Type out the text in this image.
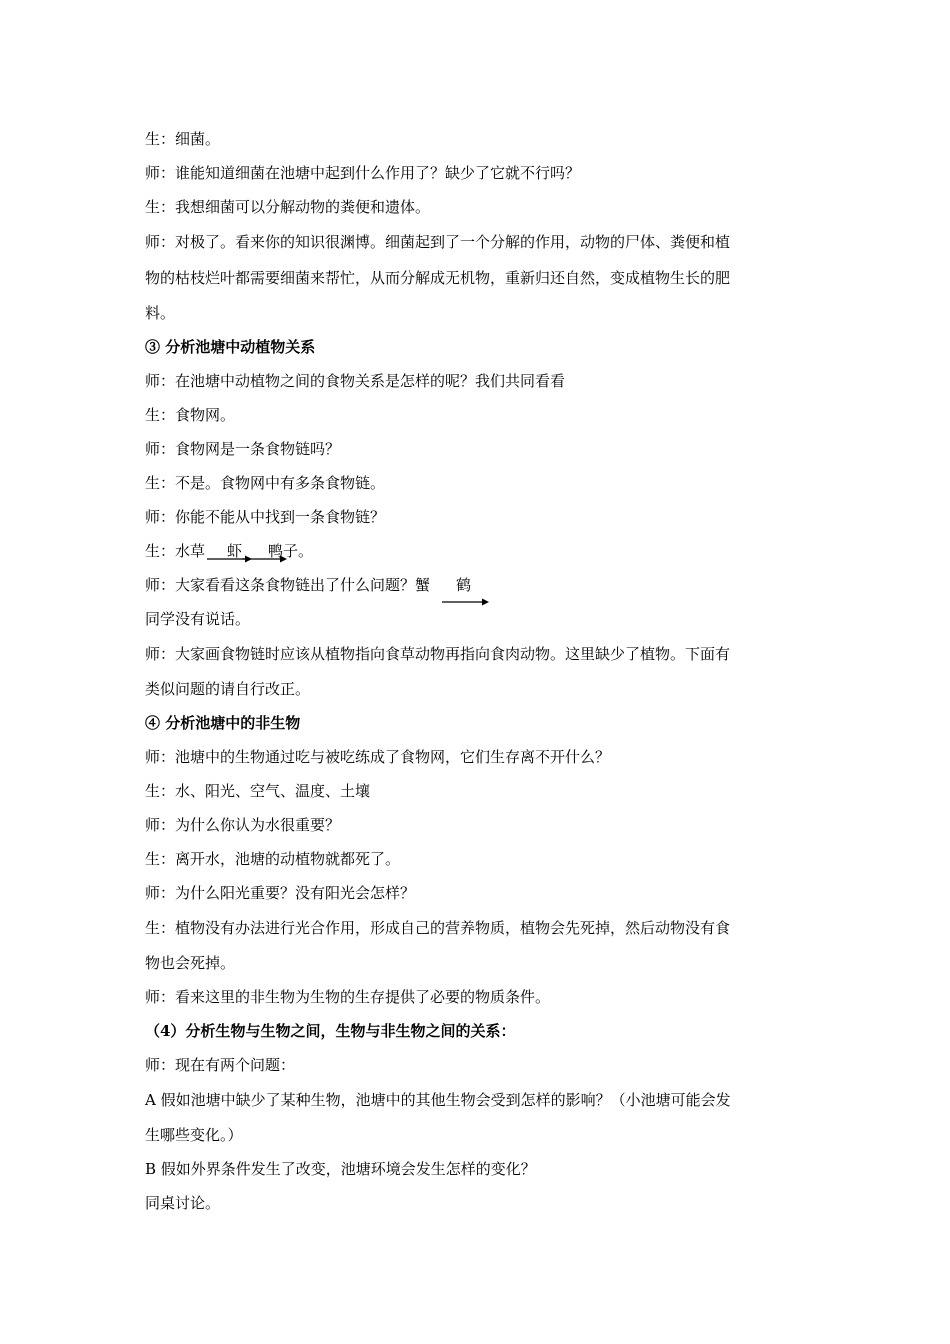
生：细菌。
师：谁能知道细菌在池塘中起到什么作用了？缺少了它就不行吗？
生：我想细菌可以分解动物的粪便和遗体。
师：对极了。看来你的知识很渊博。细菌起到了一个分解的作用，动物的尸体、粪便和植
物的枯枝烂叶都需要细菌来帮忙，从而分解成无机物，重新归还自然，变成植物生长的肥
料。
③ 分析池塘中动植物关系
师：在池塘中动植物之间的食物关系是怎样的呢？我们共同看看
生：食物网。
师：食物网是一条食物链吗？
生：不是。食物网中有多条食物链。
师：你能不能从中找到一条食物链？
生：水草 虾 鸭子。
师：大家看看这条食物链出了什么问题？蟹 鹤
同学没有说话。
师：大家画食物链时应该从植物指向食草动物再指向食肉动物。这里缺少了植物。下面有
类似问题的请自行改正。
④ 分析池塘中的非生物
师：池塘中的生物通过吃与被吃练成了食物网，它们生存离不开什么？
生：水、阳光、空气、温度、土壤
师：为什么你认为水很重要？
生：离开水，池塘的动植物就都死了。
师：为什么阳光重要？没有阳光会怎样？
生：植物没有办法进行光合作用，形成自己的营养物质，植物会先死掉，然后动物没有食
物也会死掉。
师：看来这里的非生物为生物的生存提供了必要的物质条件。
（4）分析生物与生物之间，生物与非生物之间的关系：
师：现在有两个问题：
A 假如池塘中缺少了某种生物，池塘中的其他生物会受到怎样的影响？（小池塘可能会发
生哪些变化。）
B 假如外界条件发生了改变，池塘环境会发生怎样的变化？
同桌讨论。
